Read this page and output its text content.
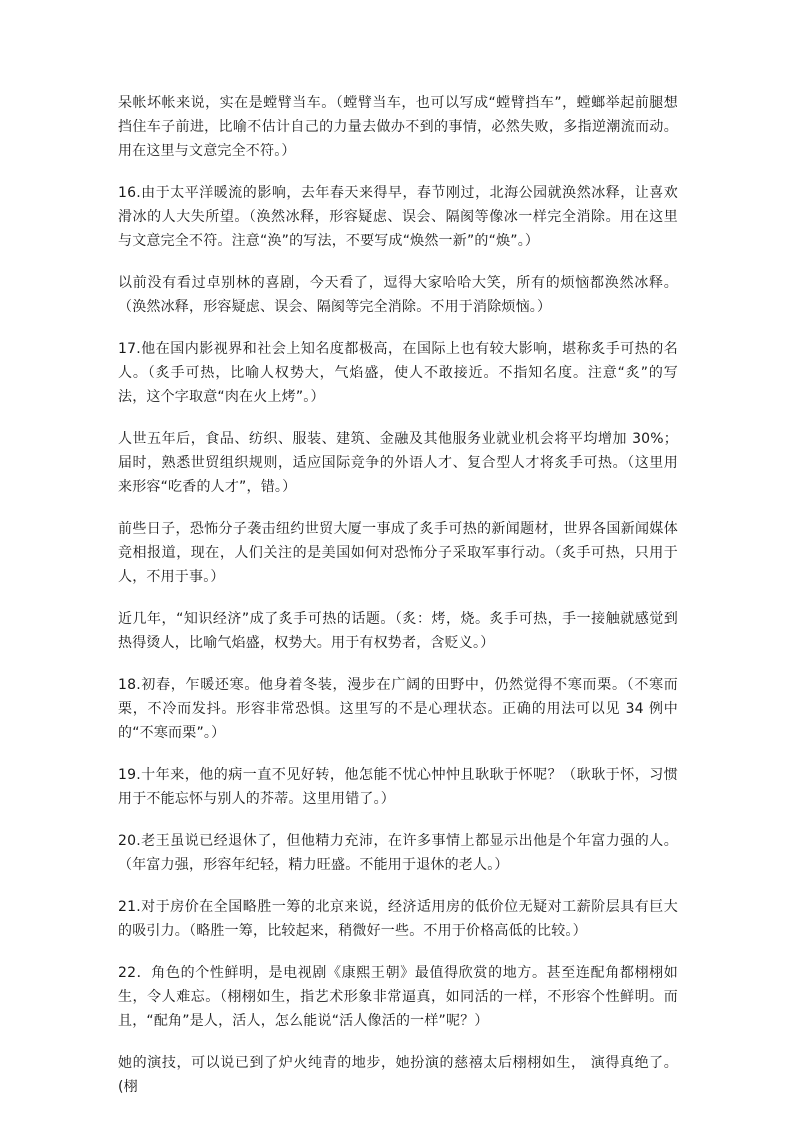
呆帐坏帐来说，实在是螳臂当车。（螳臂当车，也可以写成“螳臂挡车”，螳螂举起前腿想挡住车子前进，比喻不估计自己的力量去做办不到的事情，必然失败，多指逆潮流而动。用在这里与文意完全不符。）

16.由于太平洋暖流的影响，去年春天来得早，春节刚过，北海公园就涣然冰释，让喜欢滑冰的人大失所望。（涣然冰释，形容疑虑、误会、隔阂等像冰一样完全消除。用在这里与文意完全不符。注意“涣”的写法，不要写成“焕然一新”的“焕”。）

以前没有看过卓别林的喜剧，今天看了，逗得大家哈哈大笑，所有的烦恼都涣然冰释。（涣然冰释，形容疑虑、误会、隔阂等完全消除。不用于消除烦恼。）

17.他在国内影视界和社会上知名度都极高，在国际上也有较大影响，堪称炙手可热的名人。（炙手可热，比喻人权势大，气焰盛，使人不敢接近。不指知名度。注意“炙”的写法，这个字取意“肉在火上烤”。）

人世五年后，食品、纺织、服装、建筑、金融及其他服务业就业机会将平均增加 30%；届时，熟悉世贸组织规则，适应国际竞争的外语人才、复合型人才将炙手可热。（这里用来形容“吃香的人才”，错。）

前些日子，恐怖分子袭击纽约世贸大厦一事成了炙手可热的新闻题材，世界各国新闻媒体竞相报道，现在，人们关注的是美国如何对恐怖分子采取军事行动。（炙手可热，只用于人，不用于事。）

近几年，“知识经济”成了炙手可热的话题。（炙：烤，烧。炙手可热，手一接触就感觉到热得烫人，比喻气焰盛，权势大。用于有权势者，含贬义。）

18.初春，乍暖还寒。他身着冬装，漫步在广阔的田野中，仍然觉得不寒而栗。（不寒而栗，不冷而发抖。形容非常恐惧。这里写的不是心理状态。正确的用法可以见 34 例中的“不寒而栗”。）

19.十年来，他的病一直不见好转，他怎能不忧心忡忡且耿耿于怀呢？（耿耿于怀，习惯用于不能忘怀与别人的芥蒂。这里用错了。）

20.老王虽说已经退休了，但他精力充沛，在许多事情上都显示出他是个年富力强的人。（年富力强，形容年纪轻，精力旺盛。不能用于退休的老人。）

21.对于房价在全国略胜一筹的北京来说，经济适用房的低价位无疑对工薪阶层具有巨大的吸引力。（略胜一筹，比较起来，稍微好一些。不用于价格高低的比较。）

22．角色的个性鲜明，是电视剧《康熙王朝》最值得欣赏的地方。甚至连配角都栩栩如生，令人难忘。（栩栩如生，指艺术形象非常逼真，如同活的一样，不形容个性鲜明。而且，“配角”是人，活人，怎么能说“活人像活的一样”呢？）

她的演技，可以说已到了炉火纯青的地步，她扮演的慈禧太后栩栩如生， 演得真绝了。(栩
